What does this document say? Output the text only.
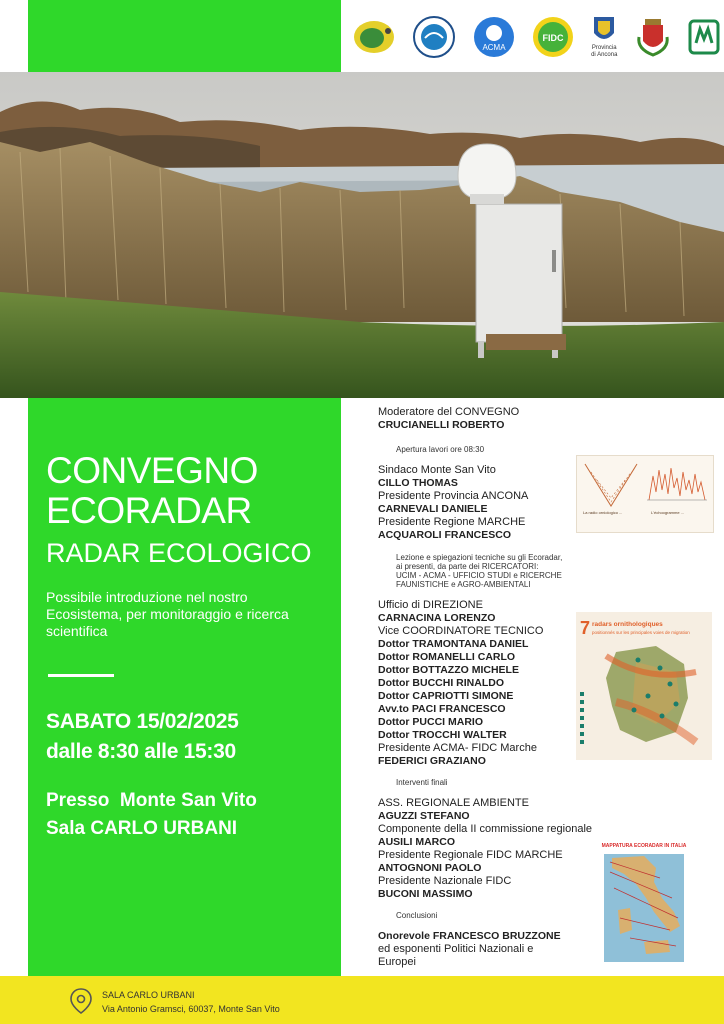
ACMA
FIDC
Provincia
di Ancona
CONVEGNO
ECORADAR

RADAR ECOLOGICO

Possibile introduzione nel nostro Ecosistema, per monitoraggio e ricerca scientifica

SABATO 15/02/2025

dalle 8:30 alle 15:30

Presso  Monte San Vito

Sala CARLO URBANI

Moderatore del CONVEGNO

CRUCIANELLI ROBERTO

Apertura lavori ore 08:30

Sindaco Monte San Vito

CILLO THOMAS

Presidente Provincia ANCONA

CARNEVALI DANIELE

Presidente Regione MARCHE

ACQUAROLI FRANCESCO

Lezione e spiegazioni tecniche su gli Ecoradar,

ai presenti, da parte dei RICERCATORI:

UCIM - ACMA - UFFICIO STUDI e RICERCHE

FAUNISTICHE e AGRO-AMBIENTALI

Ufficio di DIREZIONE

CARNACINA LORENZO

Vice COORDINATORE TECNICO

Dottor TRAMONTANA DANIEL

Dottor ROMANELLI CARLO

Dottor BOTTAZZO MICHELE

Dottor BUCCHI RINALDO

Dottor CAPRIOTTI SIMONE

Avv.to PACI FRANCESCO

Dottor PUCCI MARIO

Dottor TROCCHI WALTER

Presidente ACMA- FIDC Marche

FEDERICI GRAZIANO

Interventi finali

ASS. REGIONALE AMBIENTE

AGUZZI STEFANO

Componente della II commissione regionale

AUSILI MARCO

Presidente Regionale FIDC MARCHE

ANTOGNONI PAOLO

Presidente Nazionale FIDC

BUCONI MASSIMO

Conclusioni

Onorevole FRANCESCO BRUZZONE

ed esponenti Politici Nazionali e

Europei

La radio orniologico ...	L'échoogramme ...
7 radars ornithologiques
positionnés sur les principales voies de migration
MAPPATURA ECORADAR IN ITALIA
SALA CARLO URBANI
Via Antonio Gramsci, 60037, Monte San Vito
